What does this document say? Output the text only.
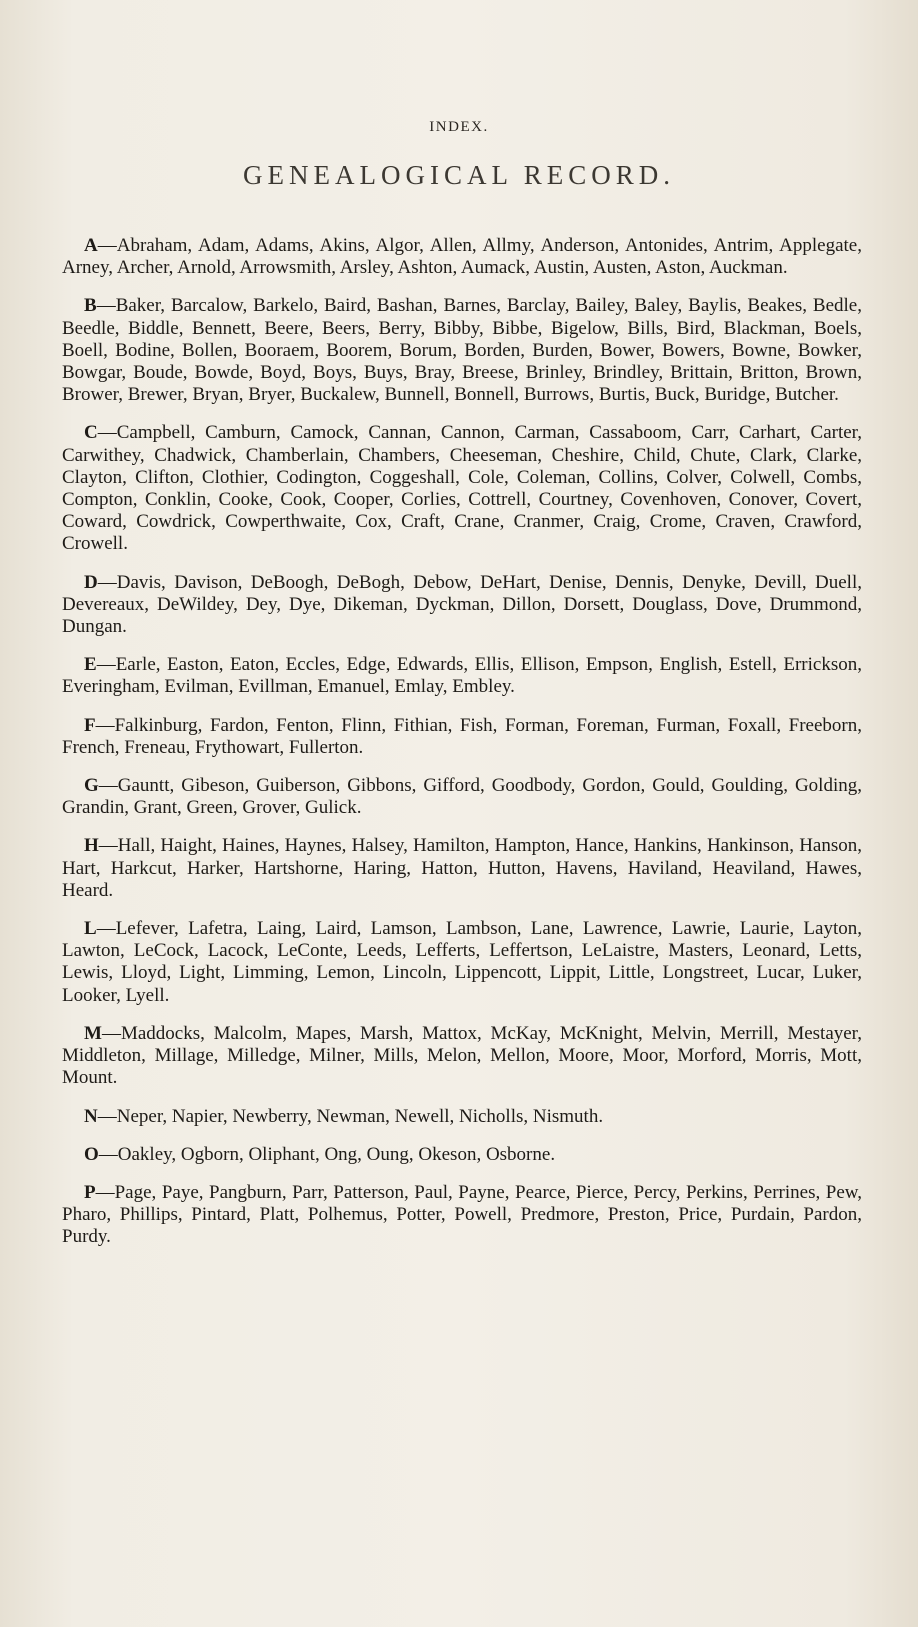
INDEX.
GENEALOGICAL RECORD.

A—Abraham, Adam, Adams, Akins, Algor, Allen, Allmy, Anderson, Antonides, Antrim, Applegate, Arney, Archer, Arnold, Arrowsmith, Arsley, Ashton, Aumack, Austin, Austen, Aston, Auckman.

B—Baker, Barcalow, Barkelo, Baird, Bashan, Barnes, Barclay, Bailey, Baley, Baylis, Beakes, Bedle, Beedle, Biddle, Bennett, Beere, Beers, Berry, Bibby, Bibbe, Bigelow, Bills, Bird, Blackman, Boels, Boell, Bodine, Bollen, Booraem, Boorem, Borum, Borden, Burden, Bower, Bowers, Bowne, Bowker, Bowgar, Boude, Bowde, Boyd, Boys, Buys, Bray, Breese, Brinley, Brindley, Brittain, Britton, Brown, Brower, Brewer, Bryan, Bryer, Buckalew, Bunnell, Bonnell, Burrows, Burtis, Buck, Buridge, Butcher.

C—Campbell, Camburn, Camock, Cannan, Cannon, Carman, Cassaboom, Carr, Carhart, Carter, Carwithey, Chadwick, Chamberlain, Chambers, Cheeseman, Cheshire, Child, Chute, Clark, Clarke, Clayton, Clifton, Clothier, Codington, Coggeshall, Cole, Coleman, Collins, Colver, Colwell, Combs, Compton, Conklin, Cooke, Cook, Cooper, Corlies, Cottrell, Courtney, Covenhoven, Conover, Covert, Coward, Cowdrick, Cowperthwaite, Cox, Craft, Crane, Cranmer, Craig, Crome, Craven, Crawford, Crowell.

D—Davis, Davison, DeBoogh, DeBogh, Debow, DeHart, Denise, Dennis, Denyke, Devill, Duell, Devereaux, DeWildey, Dey, Dye, Dikeman, Dyckman, Dillon, Dorsett, Douglass, Dove, Drummond, Dungan.

E—Earle, Easton, Eaton, Eccles, Edge, Edwards, Ellis, Ellison, Empson, English, Estell, Errickson, Everingham, Evilman, Evillman, Emanuel, Emlay, Embley.

F—Falkinburg, Fardon, Fenton, Flinn, Fithian, Fish, Forman, Foreman, Furman, Foxall, Freeborn, French, Freneau, Frythowart, Fullerton.

G—Gauntt, Gibeson, Guiberson, Gibbons, Gifford, Goodbody, Gordon, Gould, Goulding, Golding, Grandin, Grant, Green, Grover, Gulick.

H—Hall, Haight, Haines, Haynes, Halsey, Hamilton, Hampton, Hance, Hankins, Hankinson, Hanson, Hart, Harkcut, Harker, Hartshorne, Haring, Hatton, Hutton, Havens, Haviland, Heaviland, Hawes, Heard.

L—Lefever, Lafetra, Laing, Laird, Lamson, Lambson, Lane, Lawrence, Lawrie, Laurie, Layton, Lawton, LeCock, Lacock, LeConte, Leeds, Lefferts, Leffertson, LeLaistre, Masters, Leonard, Letts, Lewis, Lloyd, Light, Limming, Lemon, Lincoln, Lippencott, Lippit, Little, Longstreet, Lucar, Luker, Looker, Lyell.

M—Maddocks, Malcolm, Mapes, Marsh, Mattox, McKay, McKnight, Melvin, Merrill, Mestayer, Middleton, Millage, Milledge, Milner, Mills, Melon, Mellon, Moore, Moor, Morford, Morris, Mott, Mount.

N—Neper, Napier, Newberry, Newman, Newell, Nicholls, Nismuth.

O—Oakley, Ogborn, Oliphant, Ong, Oung, Okeson, Osborne.

P—Page, Paye, Pangburn, Parr, Patterson, Paul, Payne, Pearce, Pierce, Percy, Perkins, Perrines, Pew, Pharo, Phillips, Pintard, Platt, Polhemus, Potter, Powell, Predmore, Preston, Price, Purdain, Pardon, Purdy.
